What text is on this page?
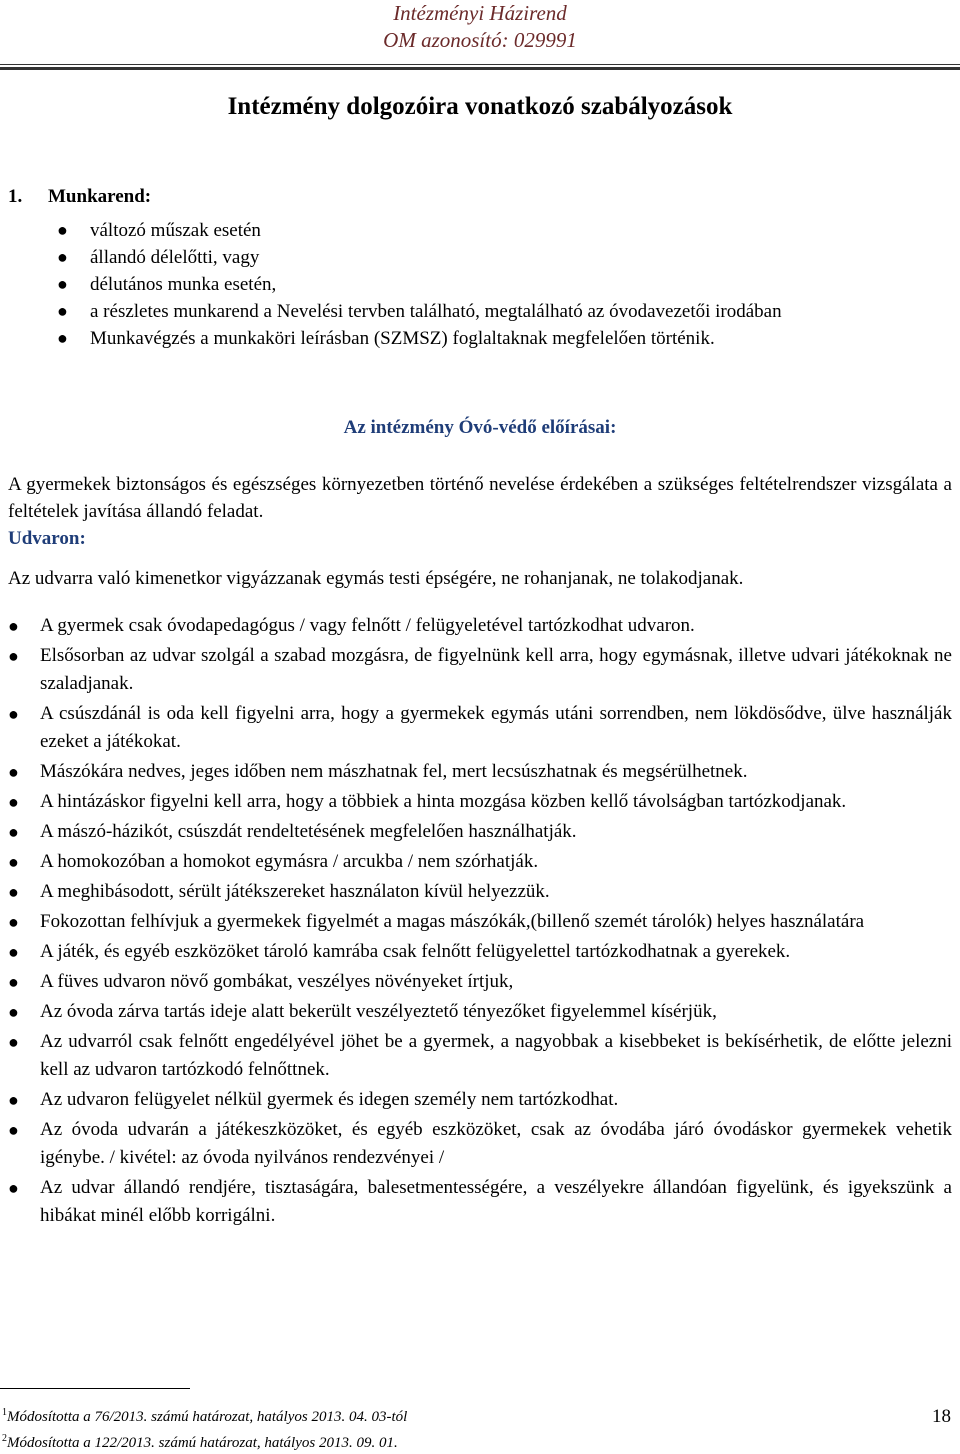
Intézményi Házirend
OM azonosító: 029991
Intézmény dolgozóira vonatkozó szabályozások
1. Munkarend:
● változó műszak esetén
● állandó délelőtti, vagy
● délutános munka esetén,
● a részletes munkarend a Nevelési tervben található, megtalálható az óvodavezetői irodában
● Munkavégzés a munkaköri leírásban (SZMSZ) foglaltaknak megfelelően történik.
Az intézmény Óvó-védő előírásai:
A gyermekek biztonságos és egészséges környezetben történő nevelése érdekében a szükséges feltételrendszer vizsgálata a feltételek javítása állandó feladat.
Udvaron:
Az udvarra való kimenetkor vigyázzanak egymás testi épségére, ne rohanjanak, ne tolakodjanak.
● A gyermek csak óvodapedagógus / vagy felnőtt / felügyeletével tartózkodhat udvaron.
● Elsősorban az udvar szolgál a szabad mozgásra, de figyelnünk kell arra, hogy egymásnak, illetve udvari játékoknak ne szaladjanak.
● A csúszdánál is oda kell figyelni arra, hogy a gyermekek egymás utáni sorrendben, nem lökdösődve, ülve használják ezeket a játékokat.
● Mászókára nedves, jeges időben nem mászhatnak fel, mert lecsúszhatnak és megsérülhetnek.
● A hintázáskor figyelni kell arra, hogy a többiek a hinta mozgása közben kellő távolságban tartózkodjanak.
● A mászó-házikót, csúszdát rendeltetésének megfelelően használhatják.
● A homokozóban a homokot egymásra / arcukba / nem szórhatják.
● A meghibásodott, sérült játékszereket használaton kívül helyezzük.
● Fokozottan felhívjuk a gyermekek figyelmét a magas mászókák,(billenő szemét tárolók) helyes használatára
● A játék, és egyéb eszközöket tároló kamrába csak felnőtt felügyelettel tartózkodhatnak a gyerekek.
● A füves udvaron növő gombákat, veszélyes növényeket írtjuk,
● Az óvoda zárva tartás ideje alatt bekerült veszélyeztető tényezőket figyelemmel kísérjük,
● Az udvarról csak felnőtt engedélyével jöhet be a gyermek, a nagyobbak a kisebbeket is bekísérhetik, de előtte jelezni kell az udvaron tartózkodó felnőttnek.
● Az udvaron felügyelet nélkül gyermek és idegen személy nem tartózkodhat.
● Az óvoda udvarán a játékeszközöket, és egyéb eszközöket, csak az óvodába járó óvodáskor gyermekek vehetik igénybe. / kivétel: az óvoda nyilvános rendezvényei /
● Az udvar állandó rendjére, tisztaságára, balesetmentességére, a veszélyekre állandóan figyelünk, és igyekszünk a hibákat minél előbb korrigálni.
$^1$Módosította a 76/2013. számú határozat, hatályos 2013. 04. 03-tól
$^2$Módosította a 122/2013. számú határozat, hatályos 2013. 09. 01.
18
